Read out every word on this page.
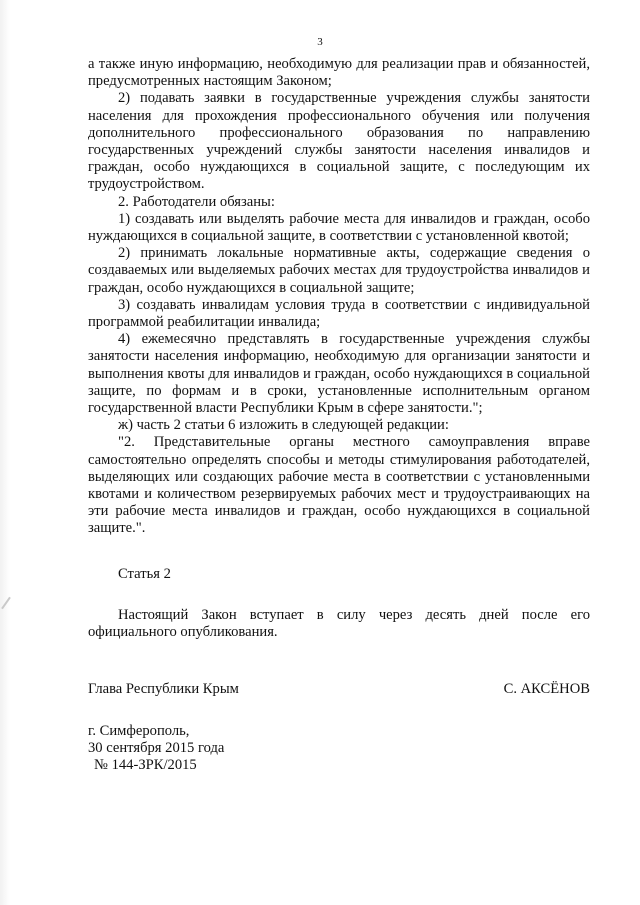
3

а также иную информацию, необходимую для реализации прав и обязанностей, предусмотренных настоящим Законом;

2) подавать заявки в государственные учреждения службы занятости населения для прохождения профессионального обучения или получения дополнительного профессионального образования по направлению государственных учреждений службы занятости населения инвалидов и граждан, особо нуждающихся в социальной защите, с последующим их трудоустройством.

2. Работодатели обязаны:

1) создавать или выделять рабочие места для инвалидов и граждан, особо нуждающихся в социальной защите, в соответствии с установленной квотой;

2) принимать локальные нормативные акты, содержащие сведения о создаваемых или выделяемых рабочих местах для трудоустройства инвалидов и граждан, особо нуждающихся в социальной защите;

3) создавать инвалидам условия труда в соответствии с индивидуальной программой реабилитации инвалида;

4) ежемесячно представлять в государственные учреждения службы занятости населения информацию, необходимую для организации занятости и выполнения квоты для инвалидов и граждан, особо нуждающихся в социальной защите, по формам и в сроки, установленные исполнительным органом государственной власти Республики Крым в сфере занятости.";

ж) часть 2 статьи 6 изложить в следующей редакции:

"2. Представительные органы местного самоуправления вправе самостоятельно определять способы и методы стимулирования работодателей, выделяющих или создающих рабочие места в соответствии с установленными квотами и количеством резервируемых рабочих мест и трудоустраивающих на эти рабочие места инвалидов и граждан, особо нуждающихся в социальной защите.".

Статья 2

Настоящий Закон вступает в силу через десять дней после его официального опубликования.

Глава Республики Крым	С. АКСЁНОВ

г. Симферополь,

30 сентября 2015 года

№ 144-ЗРК/2015
